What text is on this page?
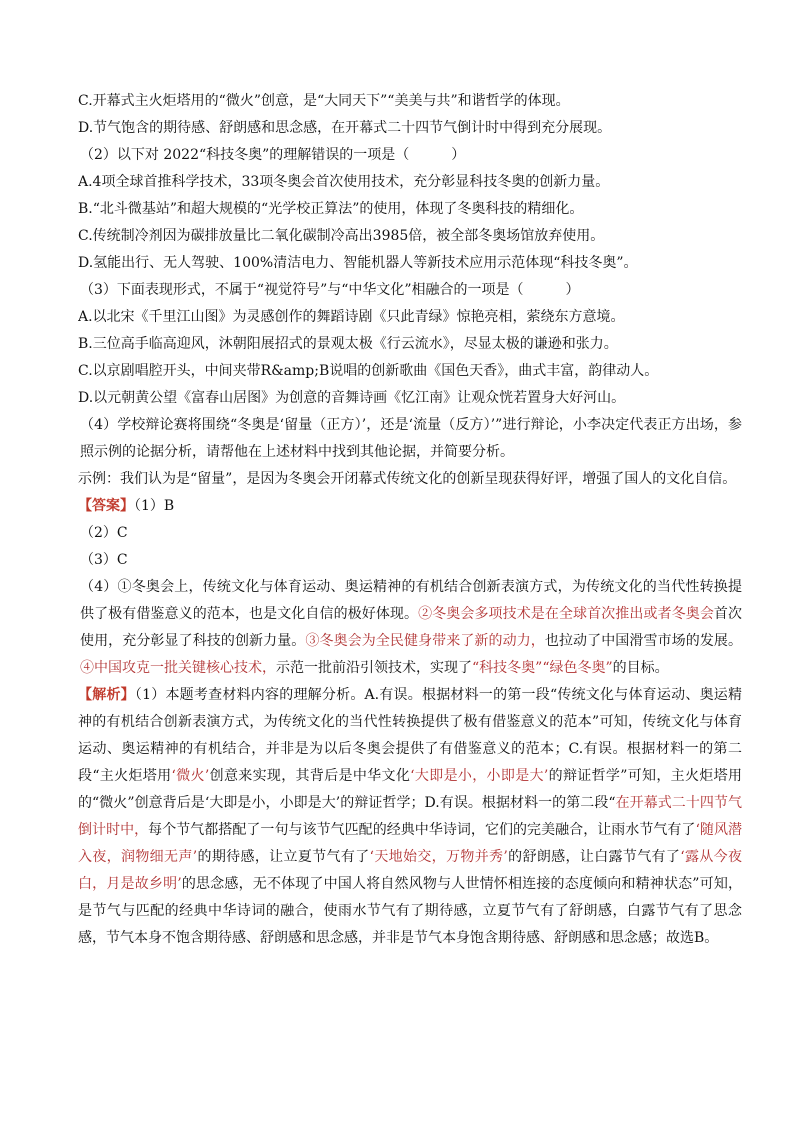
C.开幕式主火炬塔用的“微火”创意，是“大同天下”“美美与共”和谐哲学的体现。
D.节气饱含的期待感、舒朗感和思念感，在开幕式二十四节气倒计时中得到充分展现。
（2）以下对 2022“科技冬奥”的理解错误的一项是（　　　）
A.4项全球首推科学技术，33项冬奥会首次使用技术，充分彰显科技冬奥的创新力量。
B.“北斗微基站”和超大规模的“光学校正算法”的使用，体现了冬奥科技的精细化。
C.传统制冷剂因为碳排放量比二氧化碳制冷高出3985倍，被全部冬奥场馆放弃使用。
D.氢能出行、无人驾驶、100%清洁电力、智能机器人等新技术应用示范体现“科技冬奥”。
（3）下面表现形式，不属于“视觉符号”与“中华文化”相融合的一项是（　　　）
A.以北宋《千里江山图》为灵感创作的舞蹈诗剧《只此青绿》惊艳亮相，萦绕东方意境。
B.三位高手临高迎风，沐朝阳展招式的景观太极《行云流水》，尽显太极的谦逊和张力。
C.以京剧唱腔开头，中间夹带R&amp;B说唱的创新歌曲《国色天香》，曲式丰富，韵律动人。
D.以元朝黄公望《富春山居图》为创意的音舞诗画《忆江南》让观众恍若置身大好河山。
（4）学校辩论赛将围绕“冬奥是‘留量（正方）’，还是‘流量（反方）’”进行辩论，小李决定代表正方出场，参照示例的论据分析，请帮他在上述材料中找到其他论据，并简要分析。
示例：我们认为是“留量”，是因为冬奥会开闭幕式传统文化的创新呈现获得好评，增强了国人的文化自信。
【答案】（1）B
（2）C
（3）C
（4）①冬奥会上，传统文化与体育运动、奥运精神的有机结合创新表演方式，为传统文化的当代性转换提供了极有借鉴意义的范本，也是文化自信的极好体现。②冬奥会多项技术是在全球首次推出或者冬奥会首次使用，充分彰显了科技的创新力量。③冬奥会为全民健身带来了新的动力，也拉动了中国滑雪市场的发展。④中国攻克一批关键核心技术，示范一批前沿引领技术，实现了“科技冬奥”“绿色冬奥”的目标。
【解析】（1）本题考查材料内容的理解分析。A.有误。根据材料一的第一段“传统文化与体育运动、奥运精神的有机结合创新表演方式，为传统文化的当代性转换提供了极有借鉴意义的范本”可知，传统文化与体育运动、奥运精神的有机结合，并非是为以后冬奥会提供了有借鉴意义的范本；C.有误。根据材料一的第二段“主火炬塔用‘微火’创意来实现，其背后是中华文化‘大即是小，小即是大’的辩证哲学”可知，主火炬塔用的“微火”创意背后是‘大即是小，小即是大’的辩证哲学；D.有误。根据材料一的第二段“在开幕式二十四节气倒计时中，每个节气都搭配了一句与该节气匹配的经典中华诗词，它们的完美融合，让雨水节气有了‘随风潜入夜，润物细无声’的期待感，让立夏节气有了‘天地始交，万物并秀’的舒朗感，让白露节气有了‘露从今夜白，月是故乡明’的思念感，无不体现了中国人将自然风物与人世情怀相连接的态度倾向和精神状态”可知，是节气与匹配的经典中华诗词的融合，使雨水节气有了期待感，立夏节气有了舒朗感，白露节气有了思念感，节气本身不饱含期待感、舒朗感和思念感，并非是节气本身饱含期待感、舒朗感和思念感；故选B。
